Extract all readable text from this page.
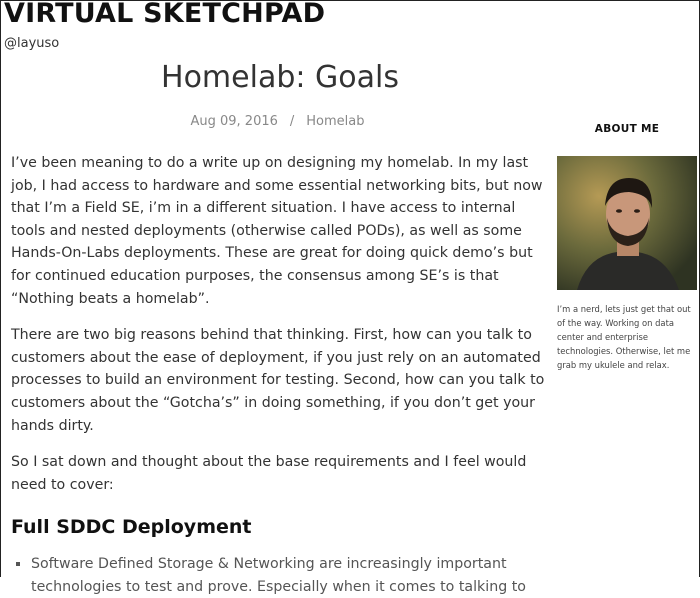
VIRTUAL SKETCHPAD
@layuso
Homelab: Goals
Aug 09, 2016 / Homelab

I’ve been meaning to do a write up on designing my homelab. In my last job, I had access to hardware and some essential networking bits, but now that I’m a Field SE, i’m in a different situation. I have access to internal tools and nested deployments (otherwise called PODs), as well as some Hands-On-Labs deployments. These are great for doing quick demo’s but for continued education purposes, the consensus among SE’s is that “Nothing beats a homelab”.

There are two big reasons behind that thinking. First, how can you talk to customers about the ease of deployment, if you just rely on an automated processes to build an environment for testing. Second, how can you talk to customers about the “Gotcha’s” in doing something, if you don’t get your hands dirty.

So I sat down and thought about the base requirements and I feel would need to cover:

Full SDDC Deployment
▪ Software Defined Storage & Networking are increasingly important technologies to test and prove. Especially when it comes to talking to
ABOUT ME
I’m a nerd, lets just get that out of the way. Working on data center and enterprise technologies. Otherwise, let me grab my ukulele and relax.
